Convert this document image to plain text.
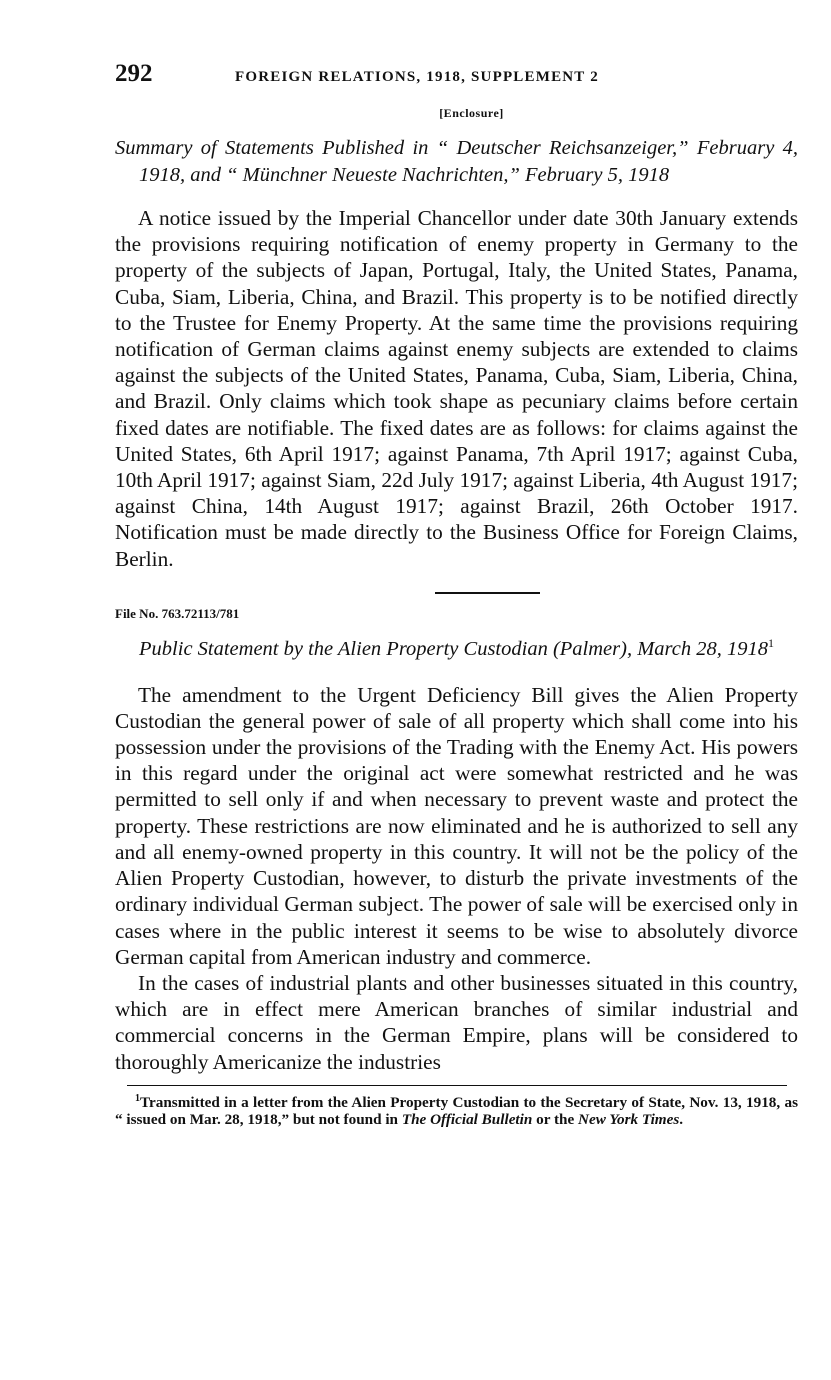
292	FOREIGN RELATIONS, 1918, SUPPLEMENT 2
[Enclosure]
Summary of Statements Published in “ Deutscher Reichsanzeiger,” February 4, 1918, and “ Münchner Neueste Nachrichten,” February 5, 1918

A notice issued by the Imperial Chancellor under date 30th January extends the provisions requiring notification of enemy property in Germany to the property of the subjects of Japan, Portugal, Italy, the United States, Panama, Cuba, Siam, Liberia, China, and Brazil. This property is to be notified directly to the Trustee for Enemy Property. At the same time the provisions requiring notification of German claims against enemy subjects are extended to claims against the subjects of the United States, Panama, Cuba, Siam, Liberia, China, and Brazil. Only claims which took shape as pecuniary claims before certain fixed dates are notifiable. The fixed dates are as follows: for claims against the United States, 6th April 1917; against Panama, 7th April 1917; against Cuba, 10th April 1917; against Siam, 22d July 1917; against Liberia, 4th August 1917; against China, 14th August 1917; against Brazil, 26th October 1917. Notification must be made directly to the Business Office for Foreign Claims, Berlin.

File No. 763.72113/781
Public Statement by the Alien Property Custodian (Palmer), March 28, 1918$^1$

The amendment to the Urgent Deficiency Bill gives the Alien Property Custodian the general power of sale of all property which shall come into his possession under the provisions of the Trading with the Enemy Act. His powers in this regard under the original act were somewhat restricted and he was permitted to sell only if and when necessary to prevent waste and protect the property. These restrictions are now eliminated and he is authorized to sell any and all enemy-owned property in this country. It will not be the policy of the Alien Property Custodian, however, to disturb the private investments of the ordinary individual German subject. The power of sale will be exercised only in cases where in the public interest it seems to be wise to absolutely divorce German capital from American industry and commerce.

In the cases of industrial plants and other businesses situated in this country, which are in effect mere American branches of similar industrial and commercial concerns in the German Empire, plans will be considered to thoroughly Americanize the industries

$^1$Transmitted in a letter from the Alien Property Custodian to the Secretary of State, Nov. 13, 1918, as “ issued on Mar. 28, 1918,” but not found in The Official Bulletin or the New York Times.
